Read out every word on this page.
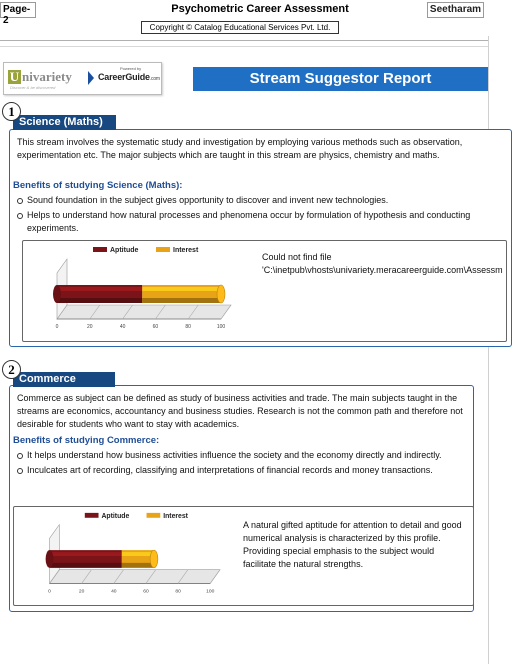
Page-2
Psychometric Career Assessment	Seetharam
Copyright © Catalog Educational Services Pvt. Ltd.
U nivariety
Discover & be discovered
Powered by
CareerGuide.com	Stream Suggestor Report
1
Science (Maths)
This stream involves the systematic study and investigation by employing various methods such as observation, experimentation etc. The major subjects which are taught in this stream are physics, chemistry and maths.
Benefits of studying Science (Maths):
Sound foundation in the subject gives opportunity to discover and invent new technologies.
Helps to understand how natural processes and phenomena occur by formulation of hypothesis and conducting experiments.
Aptitude	Interest
0	20	40	60	80	100
Could not find file
'C:\inetpub\vhosts\univariety.meracareerguide.com\Assessm
2
Commerce
Commerce as subject can be defined as study of business activities and trade. The main subjects taught in the streams are economics, accountancy and business studies. Research is not the common path and therefore not desirable for students who want to stay with academics.
Benefits of studying Commerce:
It helps understand how business activities influence the society and the economy directly and indirectly.
Inculcates art of recording, classifying and interpretations of financial records and money transactions.
Aptitude	Interest
0	20	40	60	80	100
A natural gifted aptitude for attention to detail and good numerical analysis is characterized by this profile. Providing special emphasis to the subject would facilitate the natural strengths.
